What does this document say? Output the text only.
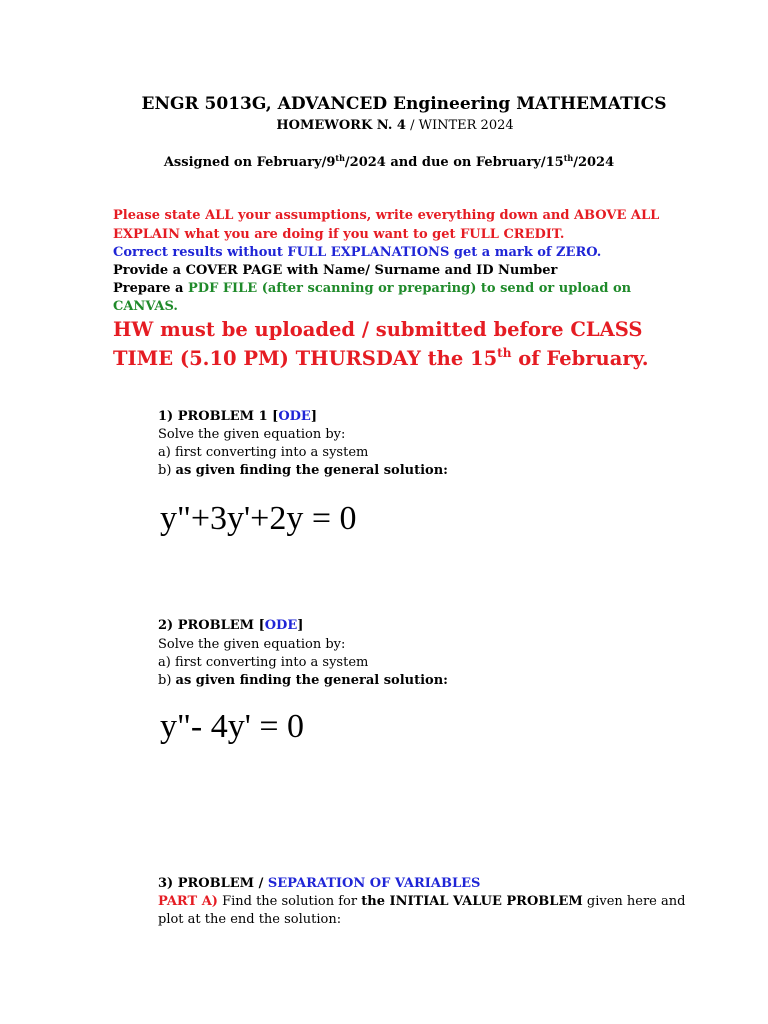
ENGR 5013G, ADVANCED Engineering MATHEMATICS
HOMEWORK N. 4 / WINTER 2024
Assigned on February/9th/2024 and due on February/15th/2024
Please state ALL your assumptions, write everything down and ABOVE ALL
EXPLAIN what you are doing if you want to get FULL CREDIT.
Correct results without FULL EXPLANATIONS get a mark of ZERO.
Provide a COVER PAGE with Name/ Surname and ID Number
Prepare a PDF FILE (after scanning or preparing) to send or upload on
CANVAS.
HW must be uploaded / submitted before CLASS
TIME (5.10 PM) THURSDAY the 15th of February.
1) PROBLEM 1 [ODE]
Solve the given equation by:
a) first converting into a system
b) as given finding the general solution:
y"+3y'+2y = 0
2) PROBLEM [ODE]
Solve the given equation by:
a) first converting into a system
b) as given finding the general solution:
y"- 4y' = 0
3) PROBLEM / SEPARATION OF VARIABLES
PART A) Find the solution for the INITIAL VALUE PROBLEM given here and
plot at the end the solution:
